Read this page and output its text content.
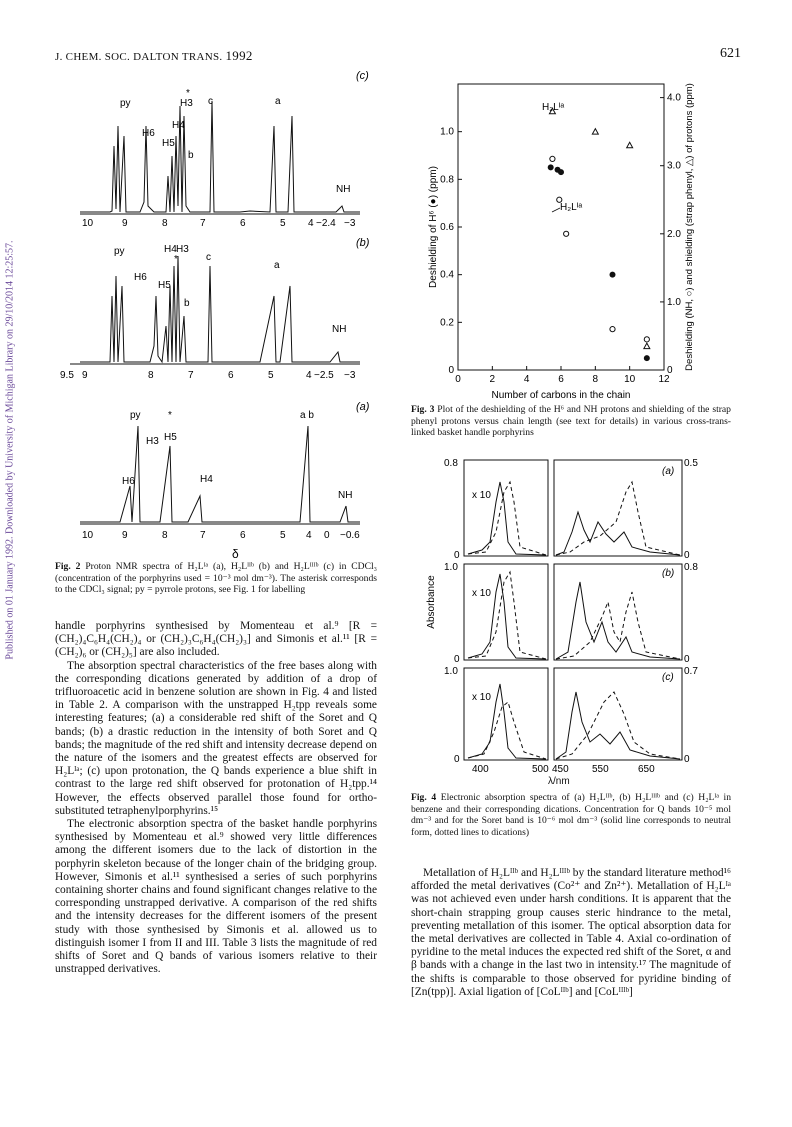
J. CHEM. SOC. DALTON TRANS. 1992	621
Published on 01 January 1992. Downloaded by University of Michigan Library on 29/10/2014 12:25:57.
(c)
py	H3
*
c	a
H6
H4
H5
b
NH
10	9	8	7	6	5 4 −2.4 −3
(b)
py	H4 H3
*	c
a
H6
H5
b
NH
9.5 9	8	7	6	5	4 −2.5 −3
(a)
py	*	a b
H3 H5
H6	H4
NH
10	9	8	7	6	5 4 0 −0.6
δ
Fig. 2 Proton NMR spectra of H₂Lᴵᵃ (a), H₂Lᴵᴵᵇ (b) and H₂Lᴵᴵᴵᵇ (c) in CDCl₃ (concentration of the porphyrins used = 10⁻³ mol dm⁻³). The asterisk corresponds to the CDCl₃ signal; py = pyrrole protons, see Fig. 1 for labelling

handle porphyrins synthesised by Momenteau et al.⁹ [R = (CH₂)₄C₆H₄(CH₂)₄ or (CH₂)₃C₆H₄(CH₂)₃] and Simonis et al.¹¹ [R = (CH₂)₆ or (CH₂)₅] are also included.

The absorption spectral characteristics of the free bases along with the corresponding dications generated by addition of a drop of trifluoroacetic acid in benzene solution are shown in Fig. 4 and listed in Table 2. A comparison with the unstrapped H₂tpp reveals some interesting features; (a) a considerable red shift of the Soret and Q bands; (b) a drastic reduction in the intensity of both Soret and Q bands; the magnitude of the red shift and intensity decrease depend on the nature of the isomers and the greatest effects are observed for H₂Lᴵᵃ; (c) upon protonation, the Q bands experience a blue shift in contrast to the large red shift observed for protonation of H₂tpp.¹⁴ However, the effects observed parallel those found for ortho-substituted tetraphenylporphyrins.¹⁵

The electronic absorption spectra of the basket handle porphyrins synthesised by Momenteau et al.⁹ showed very little differences among the different isomers due to the lack of distortion in the porphyrin skeleton because of the longer chain of the bridging group. However, Simonis et al.¹¹ synthesised a series of such porphyrins containing shorter chains and found significant changes relative to the corresponding unstrapped derivative. A comparison of the red shifts and the intensity decreases for the different isomers of the present study with those synthesised by Simonis et al. allowed us to distinguish isomer I from II and III. Table 3 lists the magnitude of red shifts of Soret and Q bands of various isomers relative to their unstrapped derivatives.

0	2	4	6	8	10 12
0
0.2
0.4
0.6
0.8
1.0
0
1.0
2.0
3.0
4.0
H₂Lᴵᵃ
H₂Lᴵᵃ
Number of carbons in the chain
Deshielding of H⁶ (●) (ppm)	Deshielding (NH, ○) and shielding (strap phenyl, △) of protons (ppm)
Fig. 3 Plot of the deshielding of the H⁶ and NH protons and shielding of the strap phenyl protons versus chain length (see text for details) in various cross-trans-linked basket handle porphyrins
Absorbance
0.8
0
0.5
0
(a)
x 10
1.0
0
0.8
0
(b)
x 10
1.0
0
0.7
0
(c)
x 10
400	500 450 550	650
λ/nm
Fig. 4 Electronic absorption spectra of (a) H₂Lᴵᴵᵇ, (b) H₂Lᴵᴵᴵᵇ and (c) H₂Lᴵᵃ in benzene and their corresponding dications. Concentration for Q bands 10⁻⁵ mol dm⁻³ and for the Soret band is 10⁻⁶ mol dm⁻³ (solid line corresponds to neutral form, dotted lines to dications)

Metallation of H₂Lᴵᴵᵇ and H₂Lᴵᴵᴵᵇ by the standard literature method¹⁶ afforded the metal derivatives (Co²⁺ and Zn²⁺). Metallation of H₂Lᴵᵃ was not achieved even under harsh conditions. It is apparent that the short-chain strapping group causes steric hindrance to the metal, preventing metallation of this isomer. The optical absorption data for the metal derivatives are collected in Table 4. Axial co-ordination of pyridine to the metal induces the expected red shift of the Soret, α and β bands with a change in the last two in intensity.¹⁷ The magnitude of the shifts is comparable to those observed for pyridine binding of [Zn(tpp)]. Axial ligation of [CoLᴵᴵᵇ] and [CoLᴵᴵᴵᵇ]
